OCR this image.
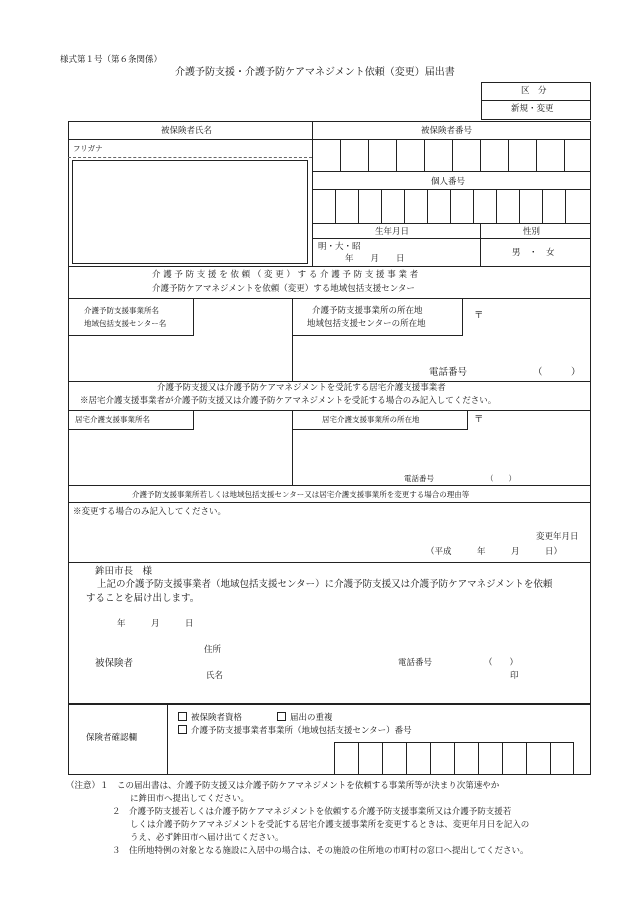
様式第１号（第６条関係）
介護予防支援・介護予防ケアマネジメント依頼（変更）届出書
区　分
新規・変更
被保険者氏名	被保険者番号
フリガナ
個人番号
生年月日	性別
明・大・昭
年　　月　　日
男　・　女
介 護 予 防 支 援 を 依 頼 （ 変 更 ） す る 介 護 予 防 支 援 事 業 者
介護予防ケアマネジメントを依頼（変更）する地域包括支援センター
介護予防支援事業所名
地域包括支援センター名
介護予防支援事業所の所在地
地域包括支援センターの所在地
〒
電話番号	（　　　）
介護予防支援又は介護予防ケアマネジメントを受託する居宅介護支援事業者
※居宅介護支援事業者が介護予防支援又は介護予防ケアマネジメントを受託する場合のみ記入してください。
居宅介護支援事業所名	居宅介護支援事業所の所在地	〒
電話番号	（　　）
介護予防支援事業所若しくは地域包括支援センター又は居宅介護支援事業所を変更する場合の理由等
※変更する場合のみ記入してください。
変更年月日
（平成　　　年　　　月　　　日）
鉾田市長　様
上記の介護予防支援事業者（地域包括支援センター）に介護予防支援又は介護予防ケアマネジメントを依頼
することを届け出します。
年　　　月　　　日
住所
被保険者
氏名
電話番号	（　　）
印
保険者確認欄
被保険者資格	届出の重複
介護予防支援事業者事業所（地域包括支援センター）番号
（注意）１　この届出書は、介護予防支援又は介護予防ケアマネジメントを依頼する事業所等が決まり次第速やか
に鉾田市へ提出してください。
２　介護予防支援若しくは介護予防ケアマネジメントを依頼する介護予防支援事業所又は介護予防支援若
しくは介護予防ケアマネジメントを受託する居宅介護支援事業所を変更するときは、変更年月日を記入の
うえ、必ず鉾田市へ届け出てください。
３　住所地特例の対象となる施設に入居中の場合は、その施設の住所地の市町村の窓口へ提出してください。
